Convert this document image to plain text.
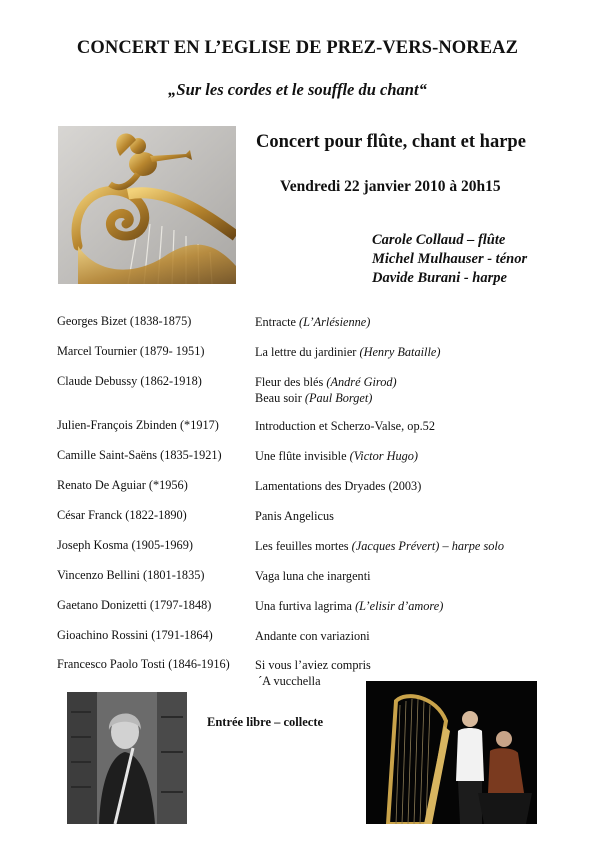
CONCERT EN L’EGLISE DE PREZ-VERS-NOREAZ
„Sur les cordes et le souffle du chant“
Concert pour flûte, chant et harpe
Vendredi 22 janvier 2010 à 20h15
Carole Collaud – flûte
Michel Mulhauser - ténor
Davide Burani - harpe
Georges Bizet (1838-1875)	Entracte (L’Arlésienne)
Marcel Tournier (1879- 1951)	La lettre du jardinier (Henry Bataille)
Claude Debussy (1862-1918)	Fleur des blés (André Girod)
Beau soir (Paul Borget)
Julien-François Zbinden (*1917)	Introduction et Scherzo-Valse, op.52
Camille Saint-Saëns (1835-1921)	Une flûte invisible (Victor Hugo)
Renato De Aguiar (*1956)	Lamentations des Dryades (2003)
César Franck (1822-1890)	Panis Angelicus
Joseph Kosma (1905-1969)	Les feuilles mortes (Jacques Prévert) – harpe solo
Vincenzo Bellini (1801-1835)	Vaga luna che inargenti
Gaetano Donizetti (1797-1848)	Una furtiva lagrima (L’elisir d’amore)
Gioachino Rossini (1791-1864)	Andante con variazioni
Francesco Paolo Tosti (1846-1916) Si vous l’aviez compris
´A vucchella
Entrée libre – collecte
